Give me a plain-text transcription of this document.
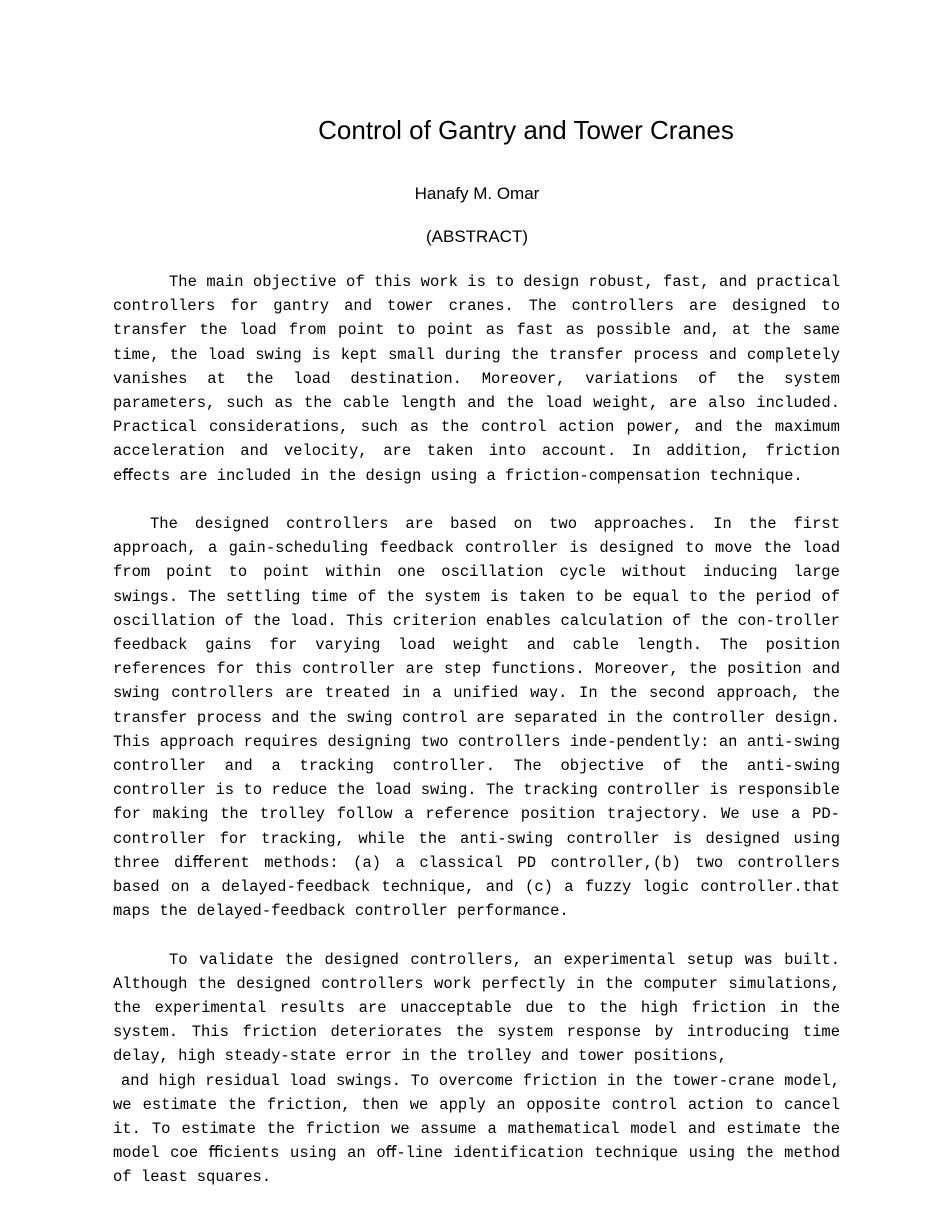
Control of Gantry and Tower Cranes
Hanafy M. Omar
(ABSTRACT)

The main objective of this work is to design robust, fast, and practical controllers for gantry and tower cranes. The controllers are designed to transfer the load from point to point as fast as possible and, at the same time, the load swing is kept small during the transfer process and completely vanishes at the load destination. Moreover, variations of the system parameters, such as the cable length and the load weight, are also included. Practical considerations, such as the control action power, and the maximum acceleration and velocity, are taken into account. In addition, friction eﬀects are included in the design using a friction-compensation technique.

The designed controllers are based on two approaches. In the first approach, a gain-scheduling feedback controller is designed to move the load from point to point within one oscillation cycle without inducing large swings. The settling time of the system is taken to be equal to the period of oscillation of the load. This criterion enables calculation of the con-troller feedback gains for varying load weight and cable length. The position references for this controller are step functions. Moreover, the position and swing controllers are treated in a unified way. In the second approach, the transfer process and the swing control are separated in the controller design. This approach requires designing two controllers inde-pendently: an anti-swing controller and a tracking controller. The objective of the anti-swing controller is to reduce the load swing. The tracking controller is responsible for making the trolley follow a reference position trajectory. We use a PD-controller for tracking, while the anti-swing controller is designed using three diﬀerent methods: (a) a classical PD controller,(b) two controllers based on a delayed-feedback technique, and (c) a fuzzy logic controller.that maps the delayed-feedback controller performance.

To validate the designed controllers, an experimental setup was built. Although the designed controllers work perfectly in the computer simulations, the experimental results are unacceptable due to the high friction in the system. This friction deteriorates the system response by introducing time delay, high steady-state error in the trolley and tower positions,

and high residual load swings. To overcome friction in the tower-crane model, we estimate the friction, then we apply an opposite control action to cancel it. To estimate the friction we assume a mathematical model and estimate the model coe ﬃcients using an oﬀ-line identification technique using the method of least squares.
